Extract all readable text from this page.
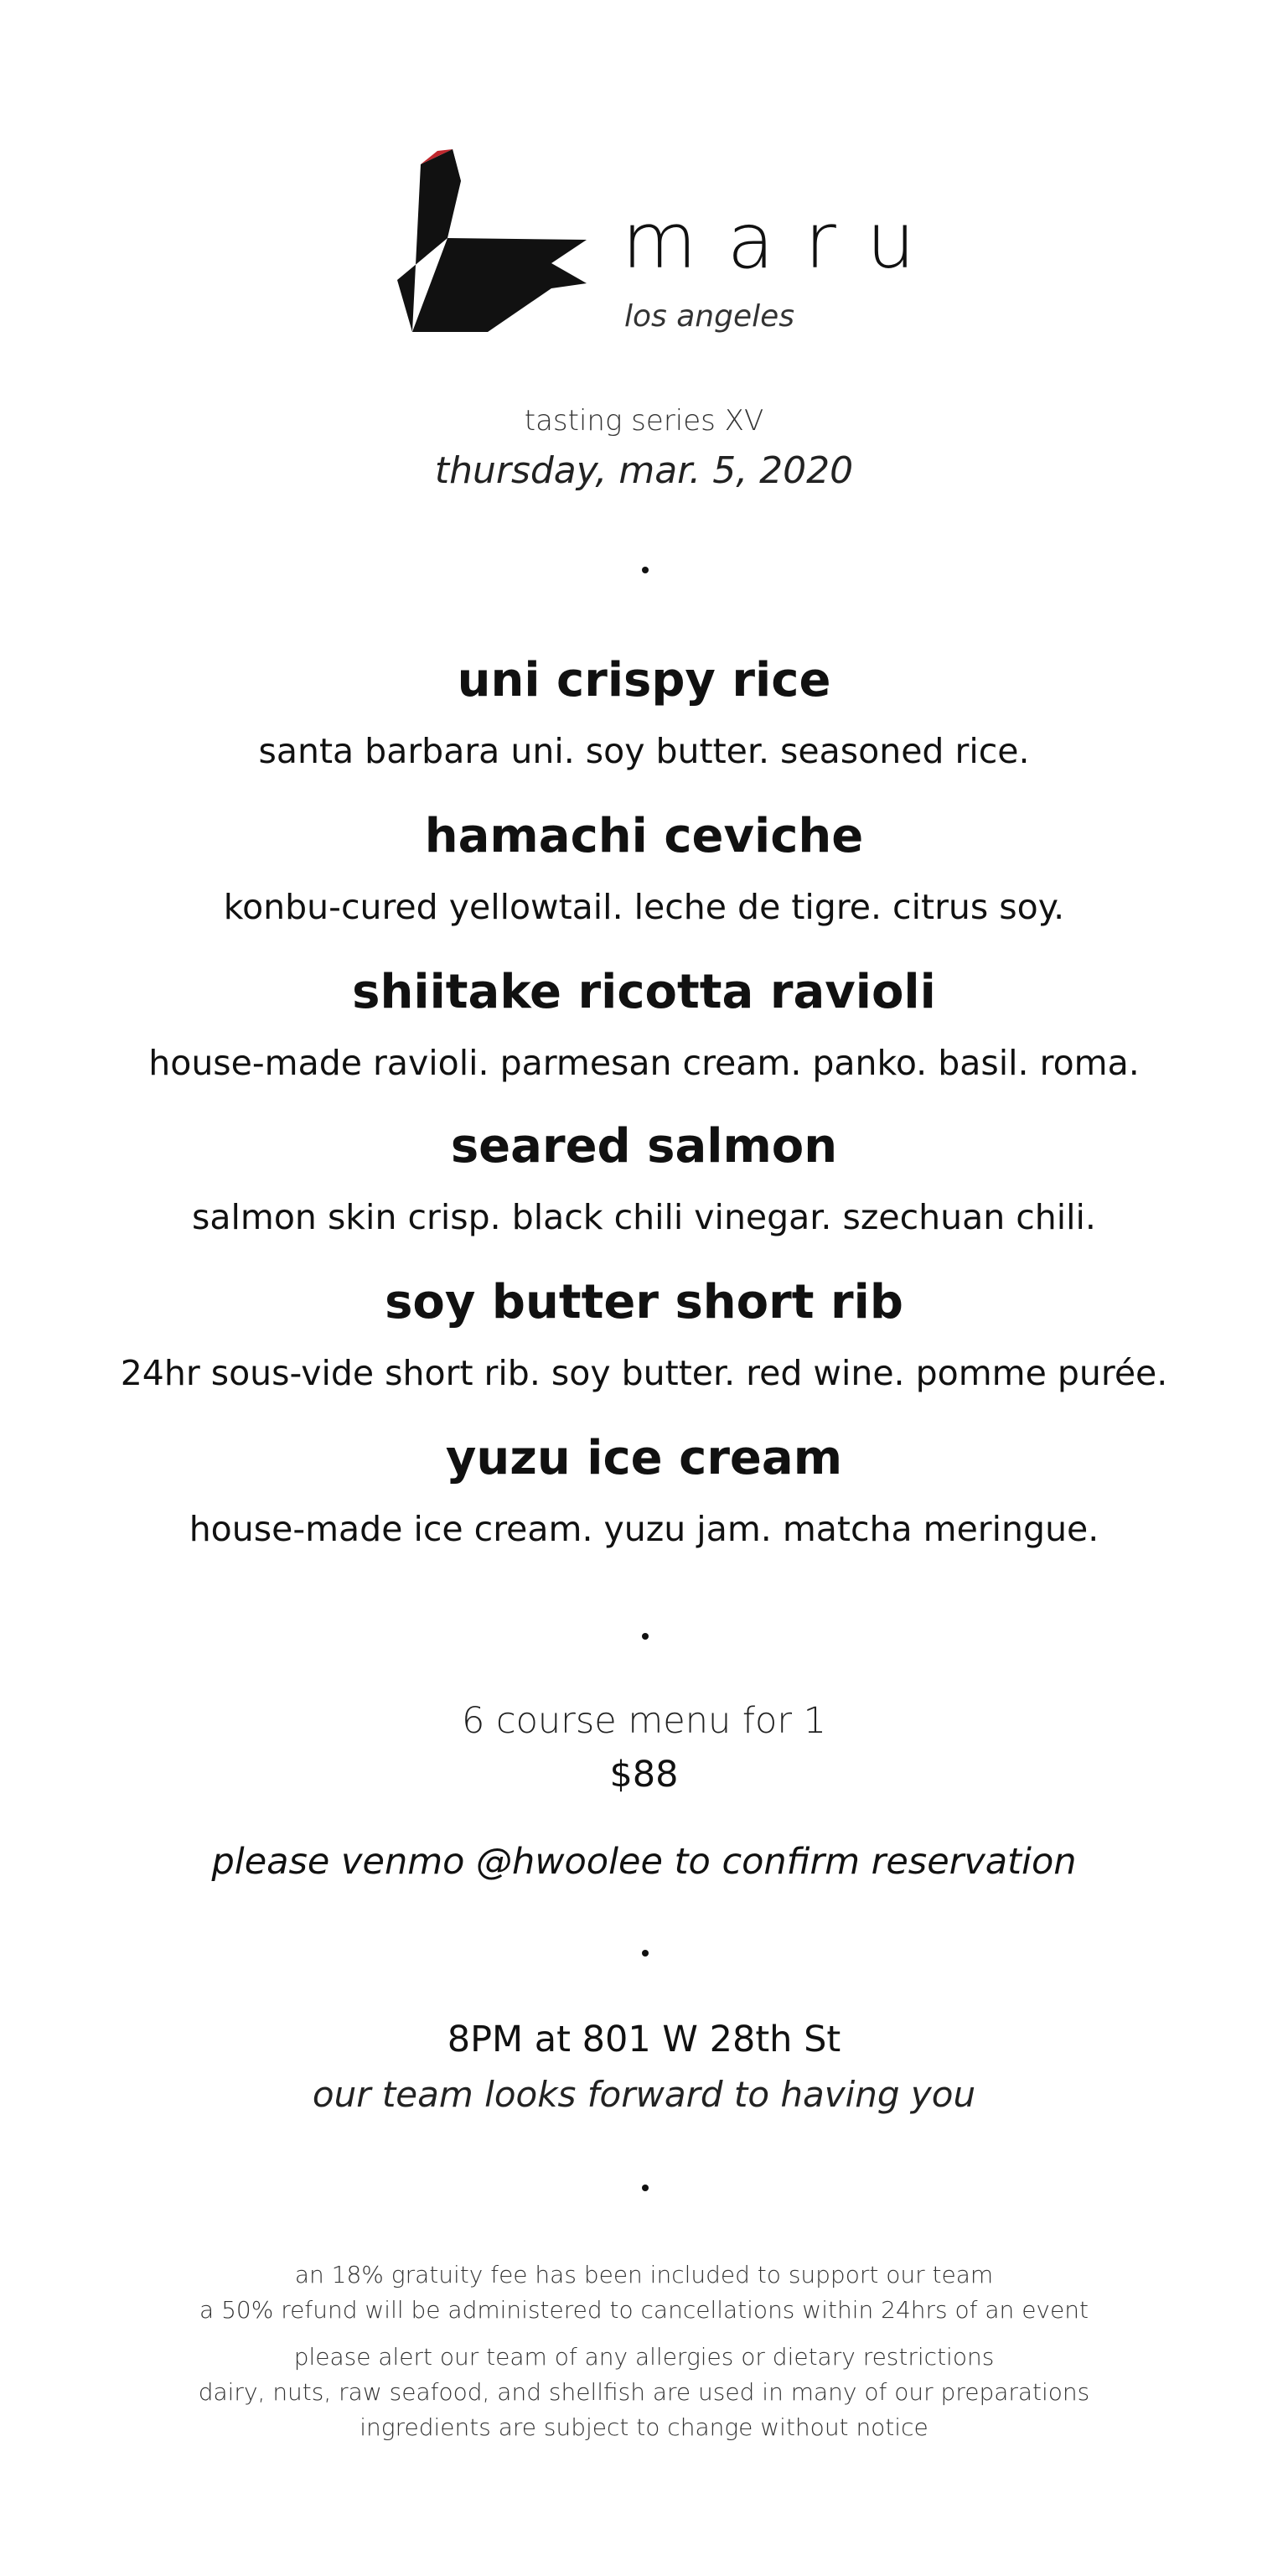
maru
los angeles
tasting series XV
thursday, mar. 5, 2020
uni crispy rice
santa barbara uni. soy butter. seasoned rice.
hamachi ceviche
konbu-cured yellowtail. leche de tigre. citrus soy.
shiitake ricotta ravioli
house-made ravioli. parmesan cream. panko. basil. roma.
seared salmon
salmon skin crisp. black chili vinegar. szechuan chili.
soy butter short rib
24hr sous-vide short rib. soy butter. red wine. pomme purée.
yuzu ice cream
house-made ice cream. yuzu jam. matcha meringue.
6 course menu for 1
$88
please venmo @hwoolee to confirm reservation
8PM at 801 W 28th St
our team looks forward to having you
an 18% gratuity fee has been included to support our team
a 50% refund will be administered to cancellations within 24hrs of an event
please alert our team of any allergies or dietary restrictions
dairy, nuts, raw seafood, and shellfish are used in many of our preparations
ingredients are subject to change without notice
